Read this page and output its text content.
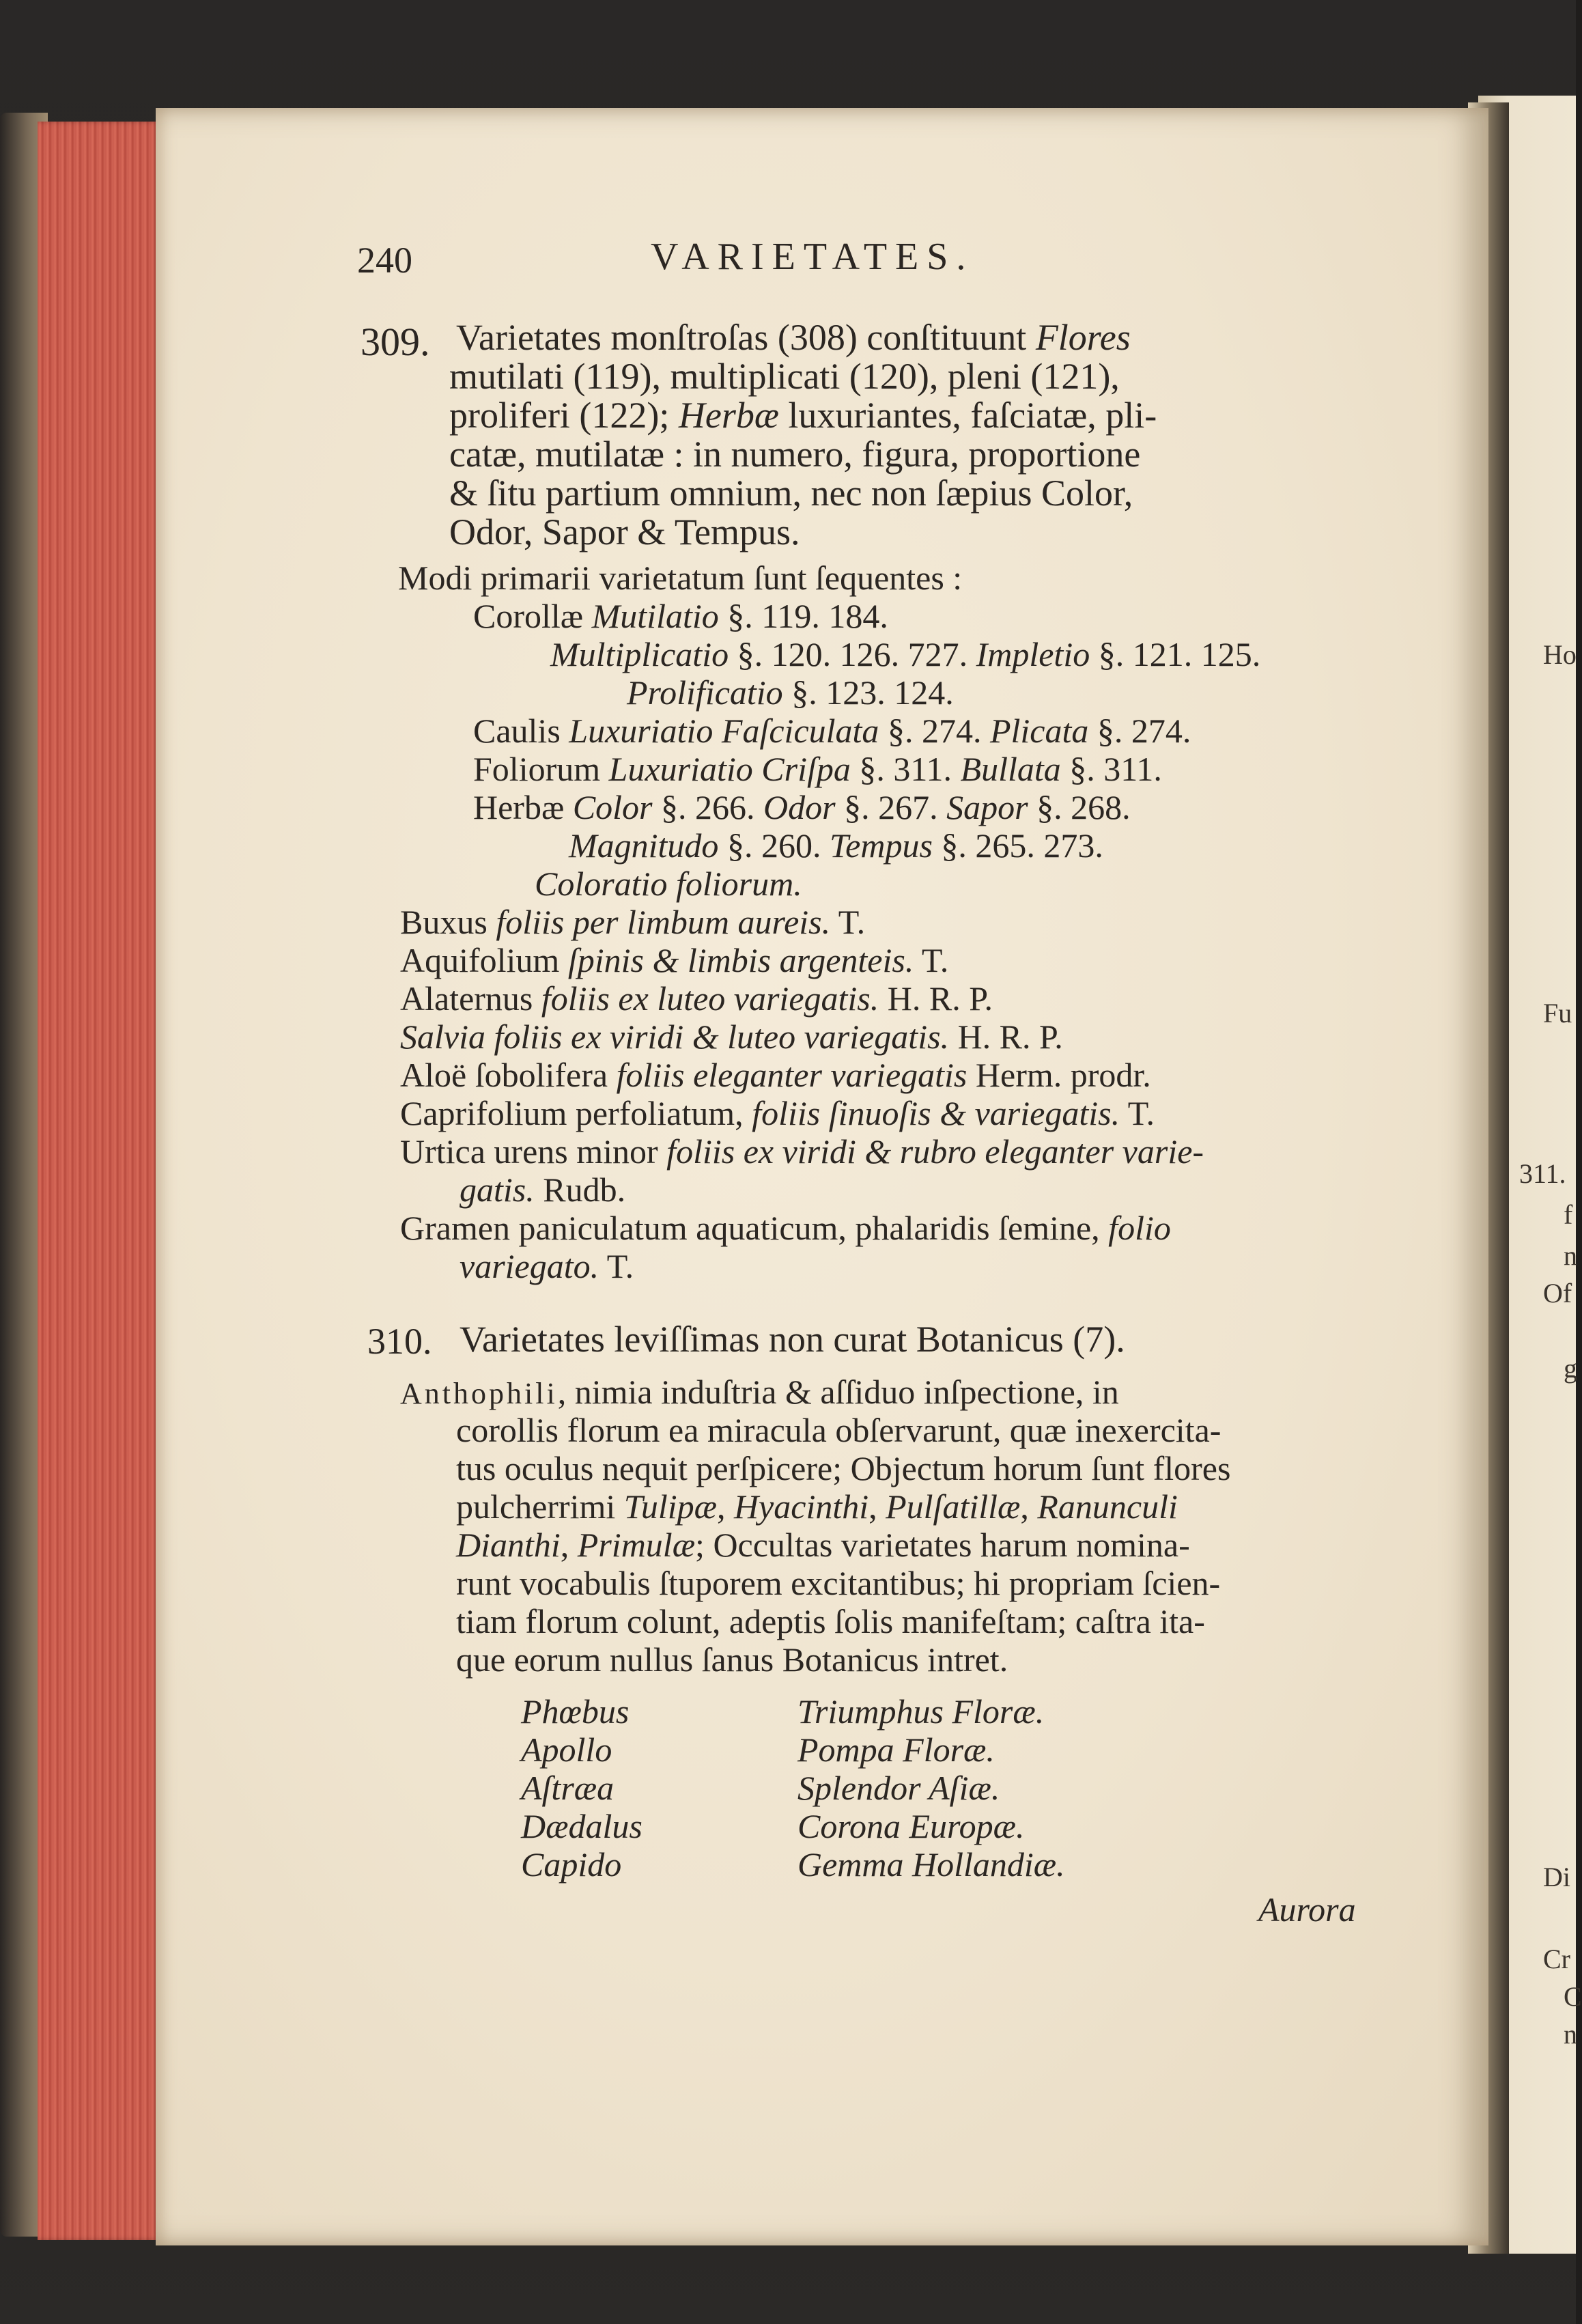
Ho
Fu
311.
f
n
Of
g
Di
Cr
C
n
240	VARIETATES.
309. Varietates monſtroſas (308) conſtituunt Flores
mutilati (119), multiplicati (120), pleni (121),
proliferi (122); Herbæ luxuriantes, faſciatæ, pli-
catæ, mutilatæ : in numero, figura, proportione
& ſitu partium omnium, nec non ſæpius Color,
Odor, Sapor & Tempus.
Modi primarii varietatum ſunt ſequentes :
Corollæ Mutilatio §. 119. 184.
Multiplicatio §. 120. 126. 727. Impletio §. 121. 125.
Prolificatio §. 123. 124.
Caulis Luxuriatio Faſciculata §. 274. Plicata §. 274.
Foliorum Luxuriatio Criſpa §. 311. Bullata §. 311.
Herbæ Color §. 266. Odor §. 267. Sapor §. 268.
Magnitudo §. 260. Tempus §. 265. 273.
Coloratio foliorum.
Buxus foliis per limbum aureis. T.
Aquifolium ſpinis & limbis argenteis. T.
Alaternus foliis ex luteo variegatis. H. R. P.
Salvia foliis ex viridi & luteo variegatis. H. R. P.
Aloë ſobolifera foliis eleganter variegatis Herm. prodr.
Caprifolium perfoliatum, foliis ſinuoſis & variegatis. T.
Urtica urens minor foliis ex viridi & rubro eleganter varie-
gatis. Rudb.
Gramen paniculatum aquaticum, phalaridis ſemine, folio
variegato. T.
310. Varietates leviſſimas non curat Botanicus (7).
Anthophili, nimia induſtria & aſſiduo inſpectione, in
corollis florum ea miracula obſervarunt, quæ inexercita-
tus oculus nequit perſpicere; Objectum horum ſunt flores
pulcherrimi Tulipæ, Hyacinthi, Pulſatillæ, Ranunculi
Dianthi, Primulæ; Occultas varietates harum nomina-
runt vocabulis ſtuporem excitantibus; hi propriam ſcien-
tiam florum colunt, adeptis ſolis manifeſtam; caſtra ita-
que eorum nullus ſanus Botanicus intret.
Phœbus
Apollo
Aſtræa
Dædalus
Capido
Triumphus Floræ.
Pompa Floræ.
Splendor Aſiæ.
Corona Europæ.
Gemma Hollandiæ.
Aurora
